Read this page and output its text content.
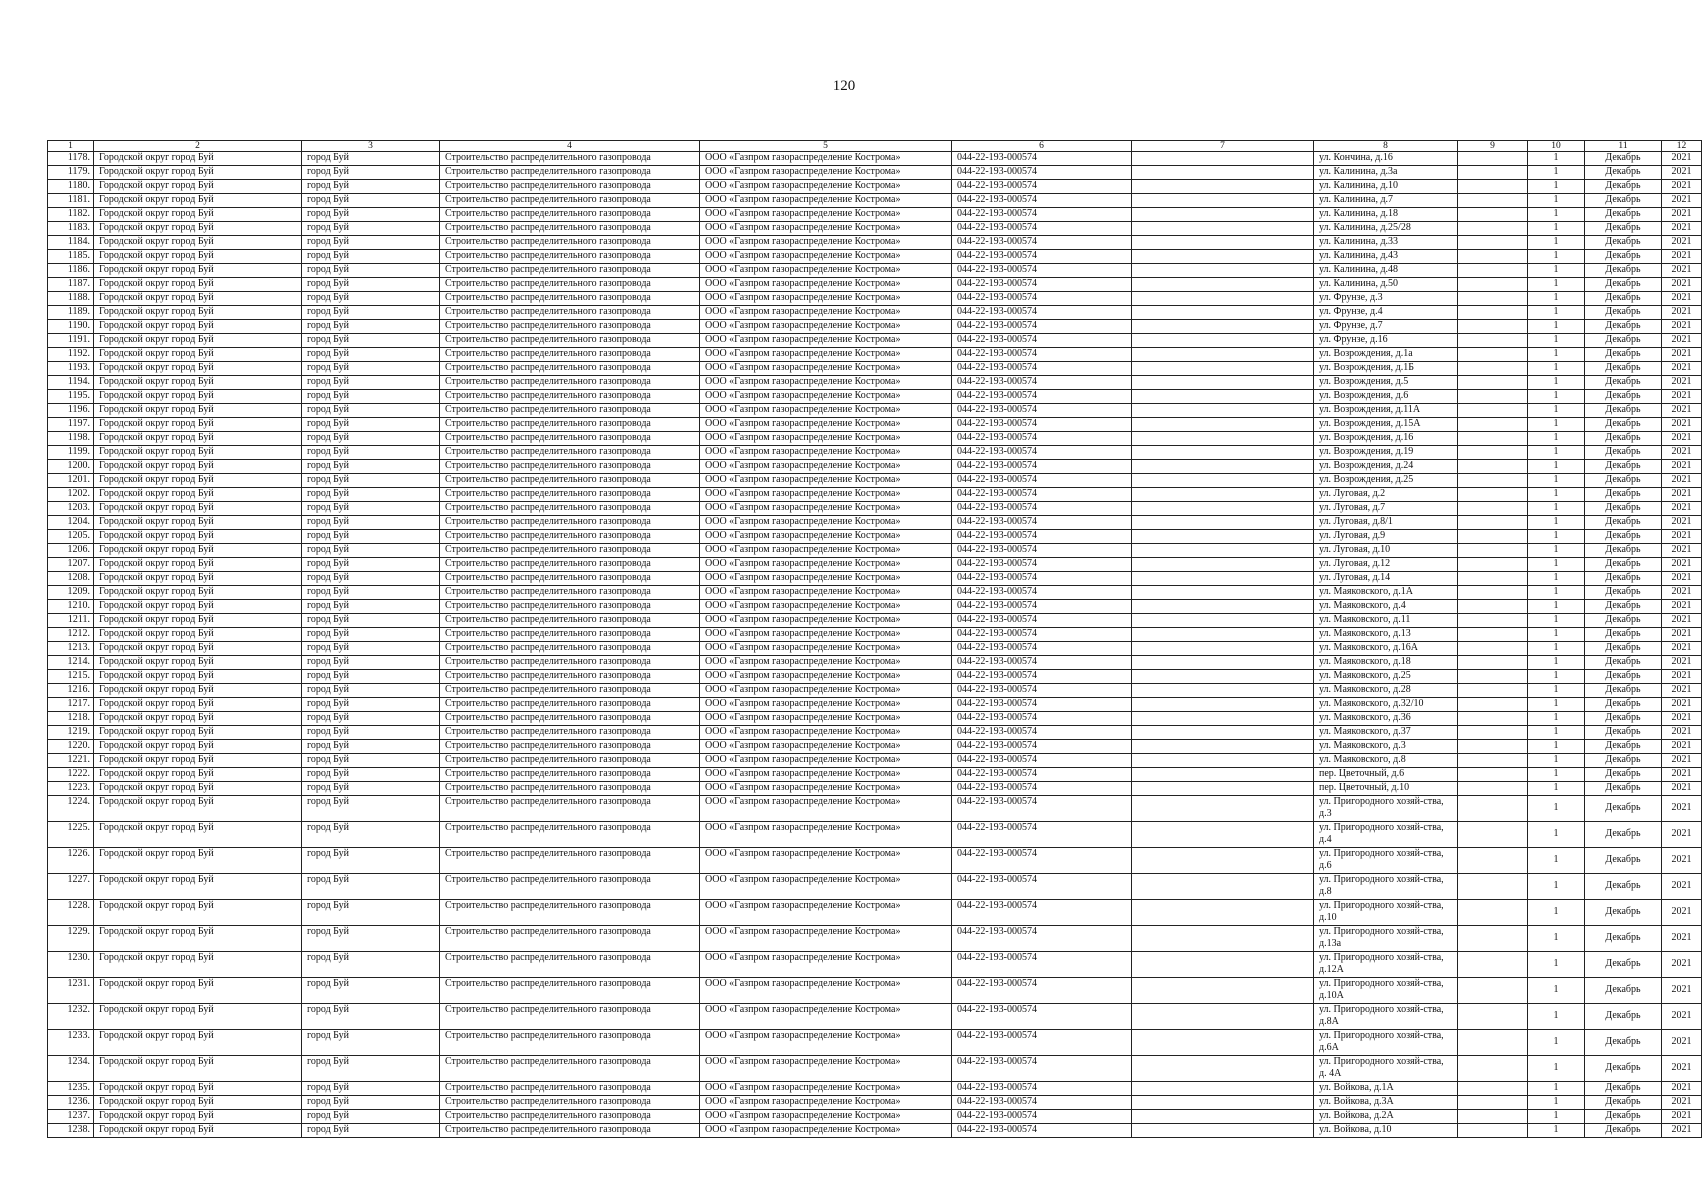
120
1	2	3	4	5	6	7	8	9	10	11	12
1178.	Городской округ город Буй	город Буй	Строительство распределительного газопровода	ООО «Газпром газораспределение Кострома»	044-22-193-000574		ул. Кончина, д.16		1	Декабрь	2021
1179.	Городской округ город Буй	город Буй	Строительство распределительного газопровода	ООО «Газпром газораспределение Кострома»	044-22-193-000574		ул. Калинина, д.3а		1	Декабрь	2021
1180.	Городской округ город Буй	город Буй	Строительство распределительного газопровода	ООО «Газпром газораспределение Кострома»	044-22-193-000574		ул. Калинина, д.10		1	Декабрь	2021
1181.	Городской округ город Буй	город Буй	Строительство распределительного газопровода	ООО «Газпром газораспределение Кострома»	044-22-193-000574		ул. Калинина, д.7		1	Декабрь	2021
1182.	Городской округ город Буй	город Буй	Строительство распределительного газопровода	ООО «Газпром газораспределение Кострома»	044-22-193-000574		ул. Калинина, д.18		1	Декабрь	2021
1183.	Городской округ город Буй	город Буй	Строительство распределительного газопровода	ООО «Газпром газораспределение Кострома»	044-22-193-000574		ул. Калинина, д.25/28		1	Декабрь	2021
1184.	Городской округ город Буй	город Буй	Строительство распределительного газопровода	ООО «Газпром газораспределение Кострома»	044-22-193-000574		ул. Калинина, д.33		1	Декабрь	2021
1185.	Городской округ город Буй	город Буй	Строительство распределительного газопровода	ООО «Газпром газораспределение Кострома»	044-22-193-000574		ул. Калинина, д.43		1	Декабрь	2021
1186.	Городской округ город Буй	город Буй	Строительство распределительного газопровода	ООО «Газпром газораспределение Кострома»	044-22-193-000574		ул. Калинина, д.48		1	Декабрь	2021
1187.	Городской округ город Буй	город Буй	Строительство распределительного газопровода	ООО «Газпром газораспределение Кострома»	044-22-193-000574		ул. Калинина, д.50		1	Декабрь	2021
1188.	Городской округ город Буй	город Буй	Строительство распределительного газопровода	ООО «Газпром газораспределение Кострома»	044-22-193-000574		ул. Фрунзе, д.3		1	Декабрь	2021
1189.	Городской округ город Буй	город Буй	Строительство распределительного газопровода	ООО «Газпром газораспределение Кострома»	044-22-193-000574		ул. Фрунзе, д.4		1	Декабрь	2021
1190.	Городской округ город Буй	город Буй	Строительство распределительного газопровода	ООО «Газпром газораспределение Кострома»	044-22-193-000574		ул. Фрунзе, д.7		1	Декабрь	2021
1191.	Городской округ город Буй	город Буй	Строительство распределительного газопровода	ООО «Газпром газораспределение Кострома»	044-22-193-000574		ул. Фрунзе, д.16		1	Декабрь	2021
1192.	Городской округ город Буй	город Буй	Строительство распределительного газопровода	ООО «Газпром газораспределение Кострома»	044-22-193-000574		ул. Возрождения, д.1а		1	Декабрь	2021
1193.	Городской округ город Буй	город Буй	Строительство распределительного газопровода	ООО «Газпром газораспределение Кострома»	044-22-193-000574		ул. Возрождения, д.1Б		1	Декабрь	2021
1194.	Городской округ город Буй	город Буй	Строительство распределительного газопровода	ООО «Газпром газораспределение Кострома»	044-22-193-000574		ул. Возрождения, д.5		1	Декабрь	2021
1195.	Городской округ город Буй	город Буй	Строительство распределительного газопровода	ООО «Газпром газораспределение Кострома»	044-22-193-000574		ул. Возрождения, д.6		1	Декабрь	2021
1196.	Городской округ город Буй	город Буй	Строительство распределительного газопровода	ООО «Газпром газораспределение Кострома»	044-22-193-000574		ул. Возрождения, д.11А		1	Декабрь	2021
1197.	Городской округ город Буй	город Буй	Строительство распределительного газопровода	ООО «Газпром газораспределение Кострома»	044-22-193-000574		ул. Возрождения, д.15А		1	Декабрь	2021
1198.	Городской округ город Буй	город Буй	Строительство распределительного газопровода	ООО «Газпром газораспределение Кострома»	044-22-193-000574		ул. Возрождения, д.16		1	Декабрь	2021
1199.	Городской округ город Буй	город Буй	Строительство распределительного газопровода	ООО «Газпром газораспределение Кострома»	044-22-193-000574		ул. Возрождения, д.19		1	Декабрь	2021
1200.	Городской округ город Буй	город Буй	Строительство распределительного газопровода	ООО «Газпром газораспределение Кострома»	044-22-193-000574		ул. Возрождения, д.24		1	Декабрь	2021
1201.	Городской округ город Буй	город Буй	Строительство распределительного газопровода	ООО «Газпром газораспределение Кострома»	044-22-193-000574		ул. Возрождения, д.25		1	Декабрь	2021
1202.	Городской округ город Буй	город Буй	Строительство распределительного газопровода	ООО «Газпром газораспределение Кострома»	044-22-193-000574		ул. Луговая, д.2		1	Декабрь	2021
1203.	Городской округ город Буй	город Буй	Строительство распределительного газопровода	ООО «Газпром газораспределение Кострома»	044-22-193-000574		ул. Луговая, д.7		1	Декабрь	2021
1204.	Городской округ город Буй	город Буй	Строительство распределительного газопровода	ООО «Газпром газораспределение Кострома»	044-22-193-000574		ул. Луговая, д.8/1		1	Декабрь	2021
1205.	Городской округ город Буй	город Буй	Строительство распределительного газопровода	ООО «Газпром газораспределение Кострома»	044-22-193-000574		ул. Луговая, д.9		1	Декабрь	2021
1206.	Городской округ город Буй	город Буй	Строительство распределительного газопровода	ООО «Газпром газораспределение Кострома»	044-22-193-000574		ул. Луговая, д.10		1	Декабрь	2021
1207.	Городской округ город Буй	город Буй	Строительство распределительного газопровода	ООО «Газпром газораспределение Кострома»	044-22-193-000574		ул. Луговая, д.12		1	Декабрь	2021
1208.	Городской округ город Буй	город Буй	Строительство распределительного газопровода	ООО «Газпром газораспределение Кострома»	044-22-193-000574		ул. Луговая, д.14		1	Декабрь	2021
1209.	Городской округ город Буй	город Буй	Строительство распределительного газопровода	ООО «Газпром газораспределение Кострома»	044-22-193-000574		ул. Маяковского, д.1А		1	Декабрь	2021
1210.	Городской округ город Буй	город Буй	Строительство распределительного газопровода	ООО «Газпром газораспределение Кострома»	044-22-193-000574		ул. Маяковского, д.4		1	Декабрь	2021
1211.	Городской округ город Буй	город Буй	Строительство распределительного газопровода	ООО «Газпром газораспределение Кострома»	044-22-193-000574		ул. Маяковского, д.11		1	Декабрь	2021
1212.	Городской округ город Буй	город Буй	Строительство распределительного газопровода	ООО «Газпром газораспределение Кострома»	044-22-193-000574		ул. Маяковского, д.13		1	Декабрь	2021
1213.	Городской округ город Буй	город Буй	Строительство распределительного газопровода	ООО «Газпром газораспределение Кострома»	044-22-193-000574		ул. Маяковского, д.16А		1	Декабрь	2021
1214.	Городской округ город Буй	город Буй	Строительство распределительного газопровода	ООО «Газпром газораспределение Кострома»	044-22-193-000574		ул. Маяковского, д.18		1	Декабрь	2021
1215.	Городской округ город Буй	город Буй	Строительство распределительного газопровода	ООО «Газпром газораспределение Кострома»	044-22-193-000574		ул. Маяковского, д.25		1	Декабрь	2021
1216.	Городской округ город Буй	город Буй	Строительство распределительного газопровода	ООО «Газпром газораспределение Кострома»	044-22-193-000574		ул. Маяковского, д.28		1	Декабрь	2021
1217.	Городской округ город Буй	город Буй	Строительство распределительного газопровода	ООО «Газпром газораспределение Кострома»	044-22-193-000574		ул. Маяковского, д.32/10		1	Декабрь	2021
1218.	Городской округ город Буй	город Буй	Строительство распределительного газопровода	ООО «Газпром газораспределение Кострома»	044-22-193-000574		ул. Маяковского, д.36		1	Декабрь	2021
1219.	Городской округ город Буй	город Буй	Строительство распределительного газопровода	ООО «Газпром газораспределение Кострома»	044-22-193-000574		ул. Маяковского, д.37		1	Декабрь	2021
1220.	Городской округ город Буй	город Буй	Строительство распределительного газопровода	ООО «Газпром газораспределение Кострома»	044-22-193-000574		ул. Маяковского, д.3		1	Декабрь	2021
1221.	Городской округ город Буй	город Буй	Строительство распределительного газопровода	ООО «Газпром газораспределение Кострома»	044-22-193-000574		ул. Маяковского, д.8		1	Декабрь	2021
1222.	Городской округ город Буй	город Буй	Строительство распределительного газопровода	ООО «Газпром газораспределение Кострома»	044-22-193-000574		пер. Цветочный, д.6		1	Декабрь	2021
1223.	Городской округ город Буй	город Буй	Строительство распределительного газопровода	ООО «Газпром газораспределение Кострома»	044-22-193-000574		пер. Цветочный, д.10		1	Декабрь	2021
1224.	Городской округ город Буй	город Буй	Строительство распределительного газопровода	ООО «Газпром газораспределение Кострома»	044-22-193-000574		ул. Пригородного хозяй-ства, д.3		1	Декабрь	2021
1225.	Городской округ город Буй	город Буй	Строительство распределительного газопровода	ООО «Газпром газораспределение Кострома»	044-22-193-000574		ул. Пригородного хозяй-ства, д.4		1	Декабрь	2021
1226.	Городской округ город Буй	город Буй	Строительство распределительного газопровода	ООО «Газпром газораспределение Кострома»	044-22-193-000574		ул. Пригородного хозяй-ства, д.6		1	Декабрь	2021
1227.	Городской округ город Буй	город Буй	Строительство распределительного газопровода	ООО «Газпром газораспределение Кострома»	044-22-193-000574		ул. Пригородного хозяй-ства, д.8		1	Декабрь	2021
1228.	Городской округ город Буй	город Буй	Строительство распределительного газопровода	ООО «Газпром газораспределение Кострома»	044-22-193-000574		ул. Пригородного хозяй-ства, д.10		1	Декабрь	2021
1229.	Городской округ город Буй	город Буй	Строительство распределительного газопровода	ООО «Газпром газораспределение Кострома»	044-22-193-000574		ул. Пригородного хозяй-ства, д.13а		1	Декабрь	2021
1230.	Городской округ город Буй	город Буй	Строительство распределительного газопровода	ООО «Газпром газораспределение Кострома»	044-22-193-000574		ул. Пригородного хозяй-ства, д.12А		1	Декабрь	2021
1231.	Городской округ город Буй	город Буй	Строительство распределительного газопровода	ООО «Газпром газораспределение Кострома»	044-22-193-000574		ул. Пригородного хозяй-ства, д.10А		1	Декабрь	2021
1232.	Городской округ город Буй	город Буй	Строительство распределительного газопровода	ООО «Газпром газораспределение Кострома»	044-22-193-000574		ул. Пригородного хозяй-ства, д.8А		1	Декабрь	2021
1233.	Городской округ город Буй	город Буй	Строительство распределительного газопровода	ООО «Газпром газораспределение Кострома»	044-22-193-000574		ул. Пригородного хозяй-ства, д.6А		1	Декабрь	2021
1234.	Городской округ город Буй	город Буй	Строительство распределительного газопровода	ООО «Газпром газораспределение Кострома»	044-22-193-000574		ул. Пригородного хозяй-ства, д. 4А		1	Декабрь	2021
1235.	Городской округ город Буй	город Буй	Строительство распределительного газопровода	ООО «Газпром газораспределение Кострома»	044-22-193-000574		ул. Войкова, д.1А		1	Декабрь	2021
1236.	Городской округ город Буй	город Буй	Строительство распределительного газопровода	ООО «Газпром газораспределение Кострома»	044-22-193-000574		ул. Войкова, д.3А		1	Декабрь	2021
1237.	Городской округ город Буй	город Буй	Строительство распределительного газопровода	ООО «Газпром газораспределение Кострома»	044-22-193-000574		ул. Войкова, д.2А		1	Декабрь	2021
1238.	Городской округ город Буй	город Буй	Строительство распределительного газопровода	ООО «Газпром газораспределение Кострома»	044-22-193-000574		ул. Войкова, д.10		1	Декабрь	2021
